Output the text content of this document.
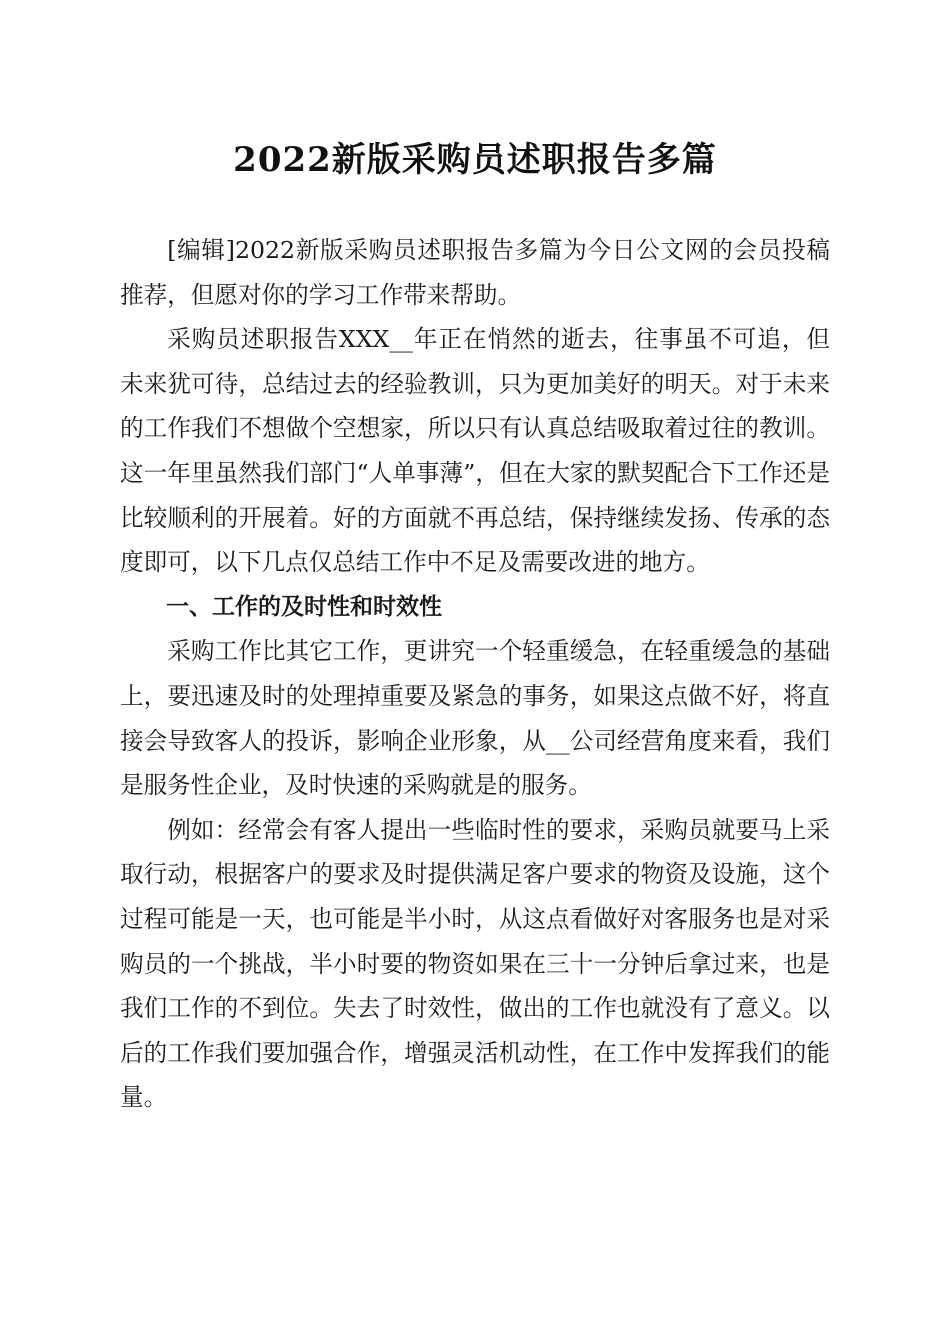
2022新版采购员述职报告多篇

[编辑]2022新版采购员述职报告多篇为今日公文网的会员投稿推荐，但愿对你的学习工作带来帮助。

采购员述职报告XXX__年正在悄然的逝去，往事虽不可追，但未来犹可待，总结过去的经验教训，只为更加美好的明天。对于未来的工作我们不想做个空想家，所以只有认真总结吸取着过往的教训。这一年里虽然我们部门“人单事薄”，但在大家的默契配合下工作还是比较顺利的开展着。好的方面就不再总结，保持继续发扬、传承的态度即可，以下几点仅总结工作中不足及需要改进的地方。

一、工作的及时性和时效性

采购工作比其它工作，更讲究一个轻重缓急，在轻重缓急的基础上，要迅速及时的处理掉重要及紧急的事务，如果这点做不好，将直接会导致客人的投诉，影响企业形象，从__公司经营角度来看，我们是服务性企业，及时快速的采购就是的服务。

例如：经常会有客人提出一些临时性的要求，采购员就要马上采取行动，根据客户的要求及时提供满足客户要求的物资及设施，这个过程可能是一天，也可能是半小时，从这点看做好对客服务也是对采购员的一个挑战，半小时要的物资如果在三十一分钟后拿过来，也是我们工作的不到位。失去了时效性，做出的工作也就没有了意义。以后的工作我们要加强合作，增强灵活机动性，在工作中发挥我们的能量。
